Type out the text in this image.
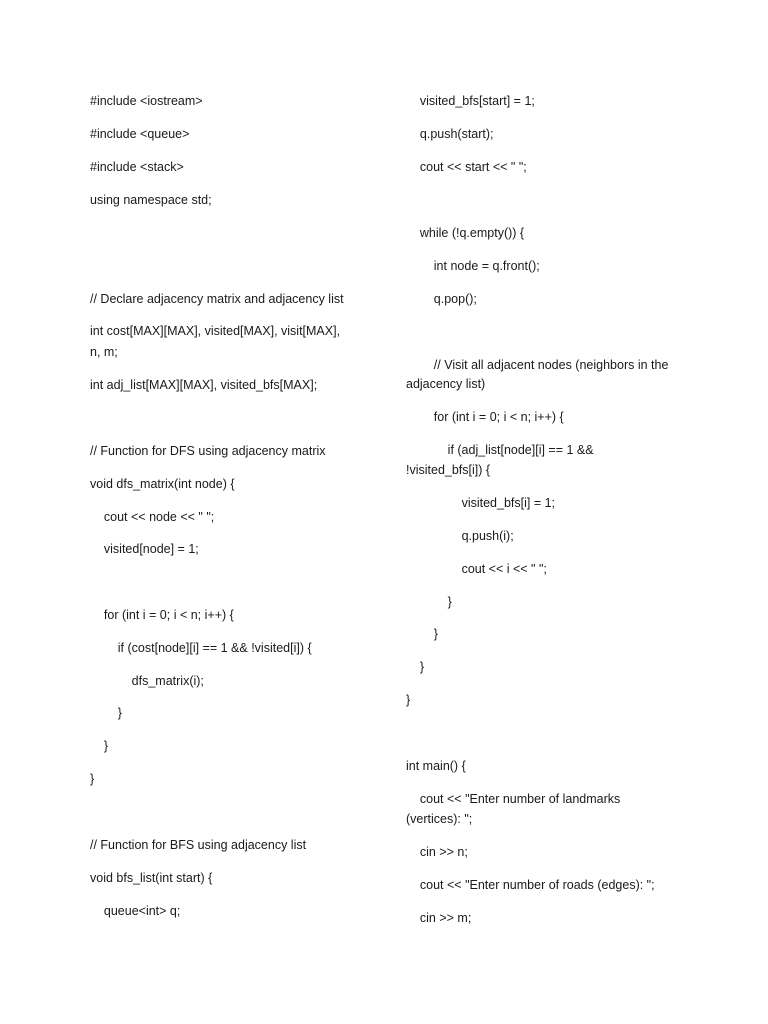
#include <iostream>
#include <queue>
#include <stack>
using namespace std;
// Declare adjacency matrix and adjacency list
int cost[MAX][MAX], visited[MAX], visit[MAX],
n, m;
int adj_list[MAX][MAX], visited_bfs[MAX];
// Function for DFS using adjacency matrix
void dfs_matrix(int node) {
cout << node << " ";
visited[node] = 1;
for (int i = 0; i < n; i++) {
if (cost[node][i] == 1 && !visited[i]) {
dfs_matrix(i);
}
}
}
// Function for BFS using adjacency list
void bfs_list(int start) {
queue<int> q;
visited_bfs[start] = 1;
q.push(start);
cout << start << " ";
while (!q.empty()) {
int node = q.front();
q.pop();
// Visit all adjacent nodes (neighbors in the
adjacency list)
for (int i = 0; i < n; i++) {
if (adj_list[node][i] == 1 &&
!visited_bfs[i]) {
visited_bfs[i] = 1;
q.push(i);
cout << i << " ";
}
}
}
}
int main() {
cout << "Enter number of landmarks
(vertices): ";
cin >> n;
cout << "Enter number of roads (edges): ";
cin >> m;
